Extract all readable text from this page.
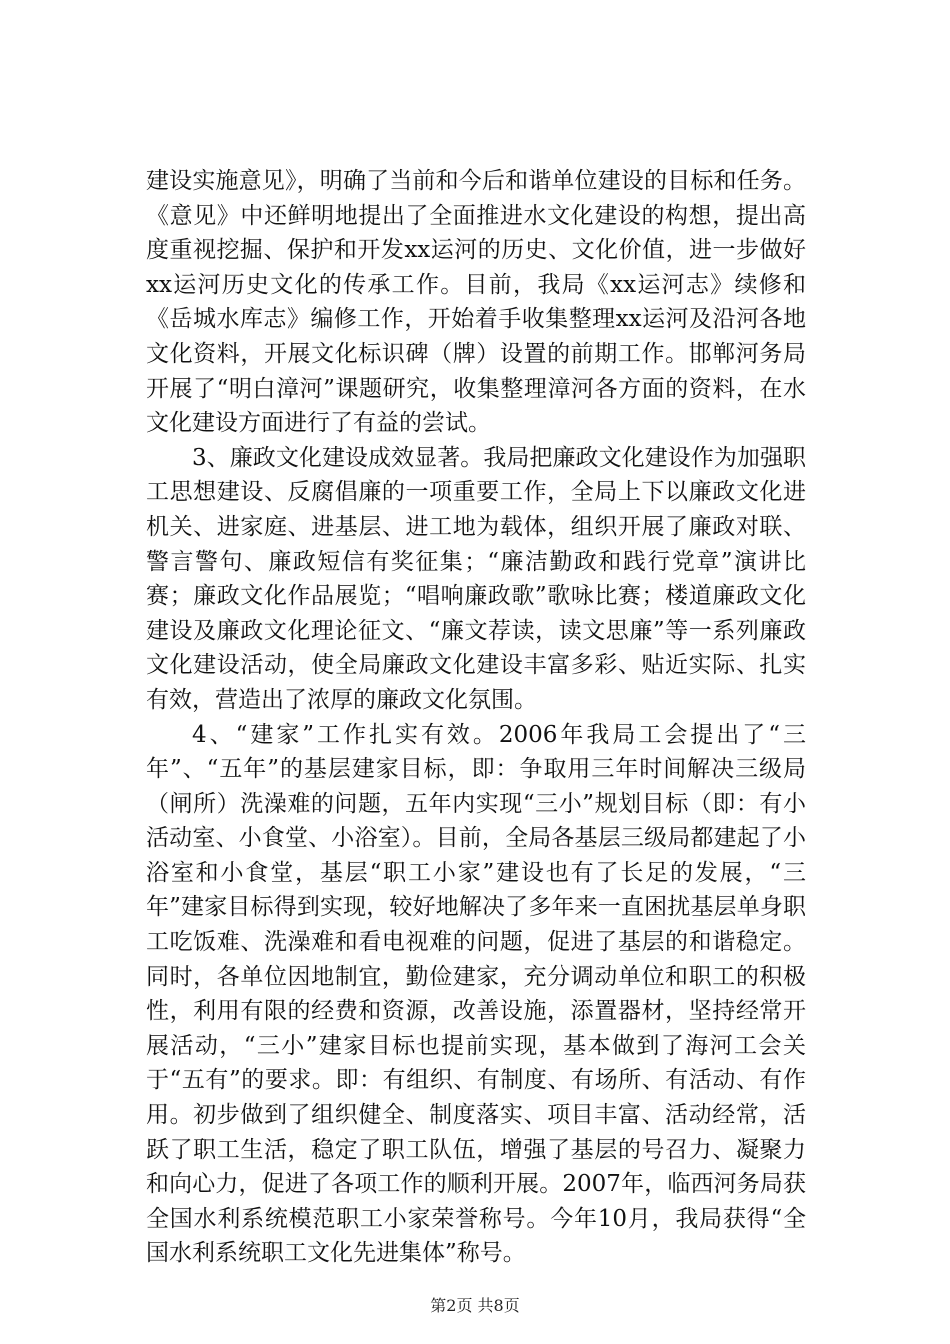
建设实施意见》，明确了当前和今后和谐单位建设的目标和任务。《意见》中还鲜明地提出了全面推进水文化建设的构想，提出高度重视挖掘、保护和开发xx运河的历史、文化价值，进一步做好xx运河历史文化的传承工作。目前，我局《xx运河志》续修和《岳城水库志》编修工作，开始着手收集整理xx运河及沿河各地文化资料，开展文化标识碑（牌）设置的前期工作。邯郸河务局开展了“明白漳河”课题研究，收集整理漳河各方面的资料，在水文化建设方面进行了有益的尝试。

3、廉政文化建设成效显著。我局把廉政文化建设作为加强职工思想建设、反腐倡廉的一项重要工作，全局上下以廉政文化进机关、进家庭、进基层、进工地为载体，组织开展了廉政对联、警言警句、廉政短信有奖征集；“廉洁勤政和践行党章”演讲比赛；廉政文化作品展览；“唱响廉政歌”歌咏比赛；楼道廉政文化建设及廉政文化理论征文、“廉文荐读，读文思廉”等一系列廉政文化建设活动，使全局廉政文化建设丰富多彩、贴近实际、扎实有效，营造出了浓厚的廉政文化氛围。

4、“建家”工作扎实有效。2006年我局工会提出了“三年”、“五年”的基层建家目标，即：争取用三年时间解决三级局（闸所）洗澡难的问题，五年内实现“三小”规划目标（即：有小活动室、小食堂、小浴室）。目前，全局各基层三级局都建起了小浴室和小食堂，基层“职工小家”建设也有了长足的发展，“三年”建家目标得到实现，较好地解决了多年来一直困扰基层单身职工吃饭难、洗澡难和看电视难的问题，促进了基层的和谐稳定。同时，各单位因地制宜，勤俭建家，充分调动单位和职工的积极性，利用有限的经费和资源，改善设施，添置器材，坚持经常开展活动，“三小”建家目标也提前实现，基本做到了海河工会关于“五有”的要求。即：有组织、有制度、有场所、有活动、有作用。初步做到了组织健全、制度落实、项目丰富、活动经常，活跃了职工生活，稳定了职工队伍，增强了基层的号召力、凝聚力和向心力，促进了各项工作的顺利开展。2007年，临西河务局获全国水利系统模范职工小家荣誉称号。今年10月，我局获得“全国水利系统职工文化先进集体”称号。

第2页 共8页
